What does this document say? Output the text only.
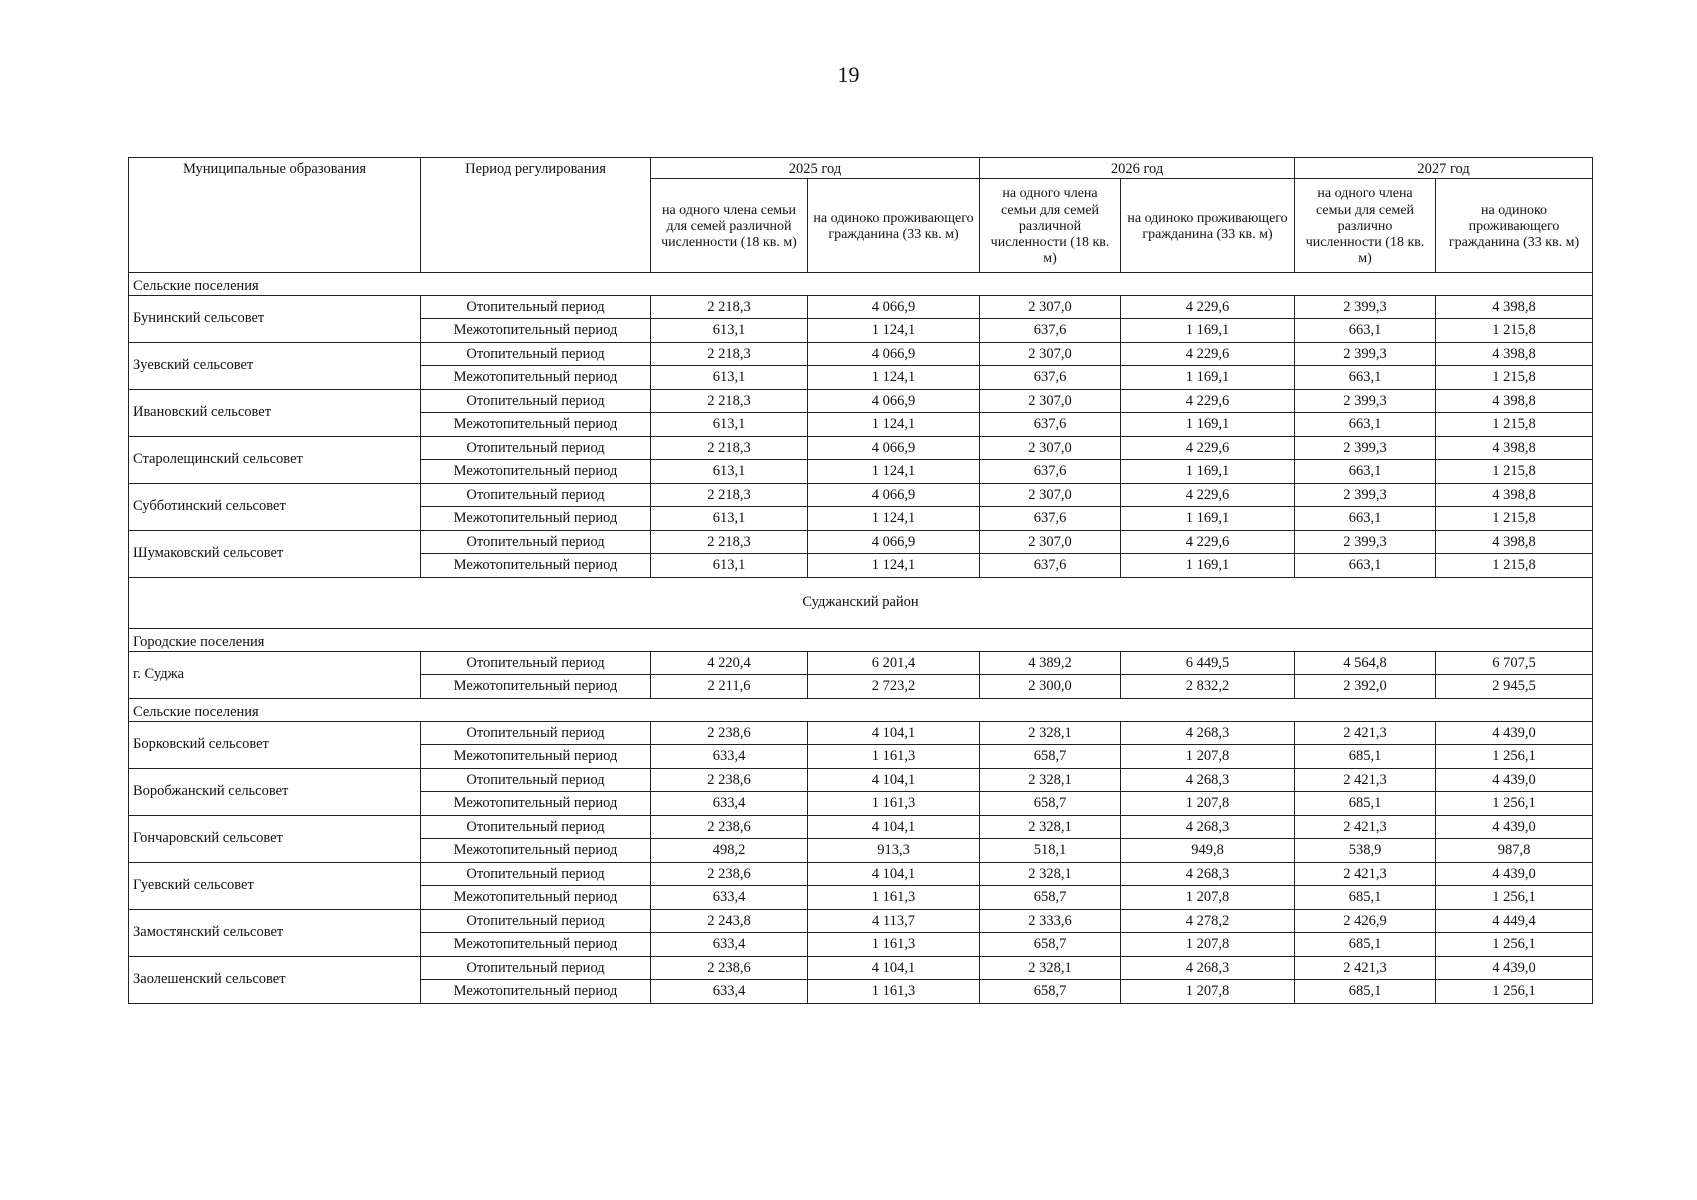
19
Муниципальные образования	Период регулирования	2025 год		2026 год		2027 год	
		на одного члена семьи для семей различной численности (18 кв. м)	на одиноко проживающего гражданина (33 кв. м)	на одного члена семьи для семей различной численности (18 кв. м)	на одиноко проживающего гражданина (33 кв. м)	на одного члена семьи для семей различно численности (18 кв. м)	на одиноко проживающего гражданина (33 кв. м)
Сельские поселения							
Бунинский сельсовет	Отопительный период	2 218,3	4 066,9	2 307,0	4 229,6	2 399,3	4 398,8
	Межотопительный период	613,1	1 124,1	637,6	1 169,1	663,1	1 215,8
Зуевский сельсовет	Отопительный период	2 218,3	4 066,9	2 307,0	4 229,6	2 399,3	4 398,8
	Межотопительный период	613,1	1 124,1	637,6	1 169,1	663,1	1 215,8
Ивановский сельсовет	Отопительный период	2 218,3	4 066,9	2 307,0	4 229,6	2 399,3	4 398,8
	Межотопительный период	613,1	1 124,1	637,6	1 169,1	663,1	1 215,8
Старолещинский сельсовет	Отопительный период	2 218,3	4 066,9	2 307,0	4 229,6	2 399,3	4 398,8
	Межотопительный период	613,1	1 124,1	637,6	1 169,1	663,1	1 215,8
Субботинский сельсовет	Отопительный период	2 218,3	4 066,9	2 307,0	4 229,6	2 399,3	4 398,8
	Межотопительный период	613,1	1 124,1	637,6	1 169,1	663,1	1 215,8
Шумаковский сельсовет	Отопительный период	2 218,3	4 066,9	2 307,0	4 229,6	2 399,3	4 398,8
	Межотопительный период	613,1	1 124,1	637,6	1 169,1	663,1	1 215,8
Суджанский район							
Городские поселения							
г. Суджа	Отопительный период	4 220,4	6 201,4	4 389,2	6 449,5	4 564,8	6 707,5
	Межотопительный период	2 211,6	2 723,2	2 300,0	2 832,2	2 392,0	2 945,5
Сельские поселения							
Борковский сельсовет	Отопительный период	2 238,6	4 104,1	2 328,1	4 268,3	2 421,3	4 439,0
	Межотопительный период	633,4	1 161,3	658,7	1 207,8	685,1	1 256,1
Воробжанский сельсовет	Отопительный период	2 238,6	4 104,1	2 328,1	4 268,3	2 421,3	4 439,0
	Межотопительный период	633,4	1 161,3	658,7	1 207,8	685,1	1 256,1
Гончаровский сельсовет	Отопительный период	2 238,6	4 104,1	2 328,1	4 268,3	2 421,3	4 439,0
	Межотопительный период	498,2	913,3	518,1	949,8	538,9	987,8
Гуевский сельсовет	Отопительный период	2 238,6	4 104,1	2 328,1	4 268,3	2 421,3	4 439,0
	Межотопительный период	633,4	1 161,3	658,7	1 207,8	685,1	1 256,1
Замостянский сельсовет	Отопительный период	2 243,8	4 113,7	2 333,6	4 278,2	2 426,9	4 449,4
	Межотопительный период	633,4	1 161,3	658,7	1 207,8	685,1	1 256,1
Заолешенский сельсовет	Отопительный период	2 238,6	4 104,1	2 328,1	4 268,3	2 421,3	4 439,0
	Межотопительный период	633,4	1 161,3	658,7	1 207,8	685,1	1 256,1
